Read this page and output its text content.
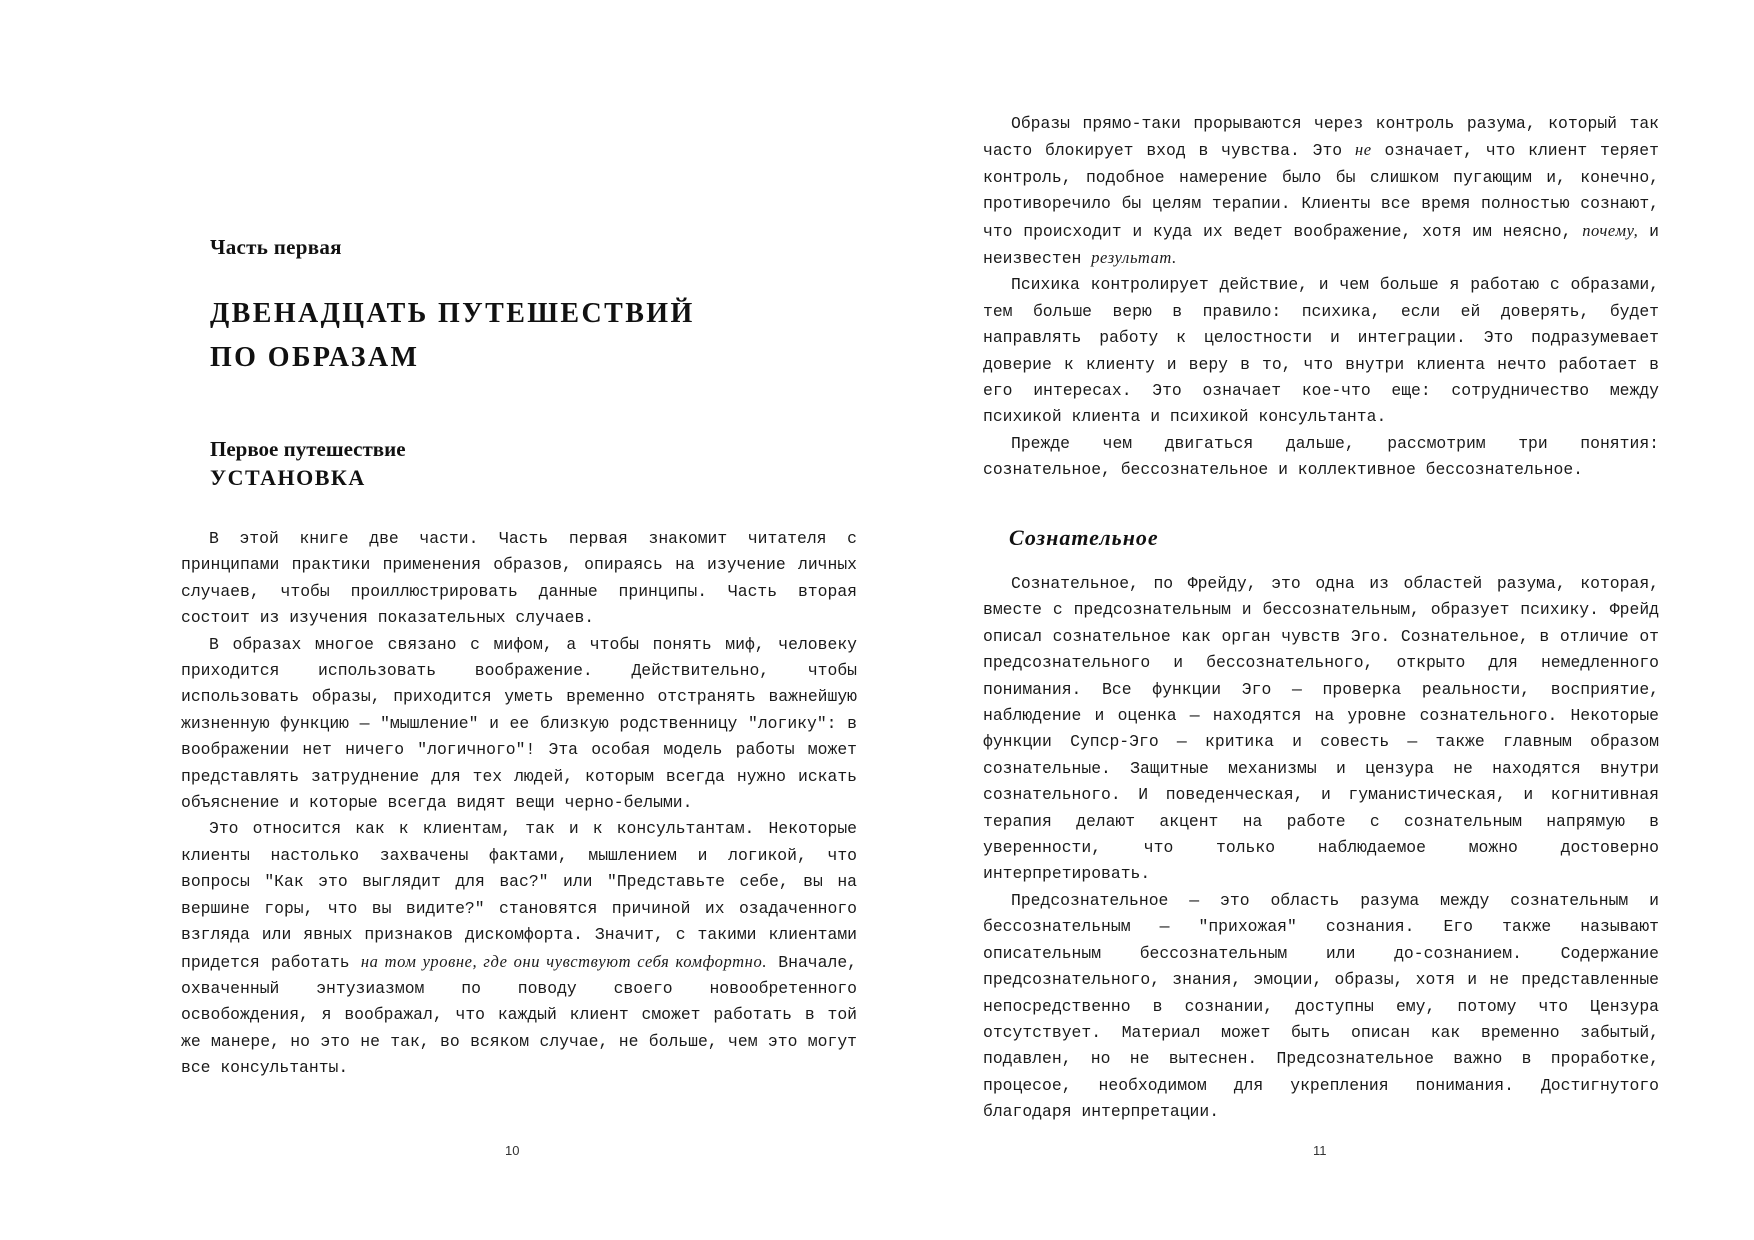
Часть первая
ДВЕНАДЦАТЬ ПУТЕШЕСТВИЙ
ПО ОБРАЗАМ
Первое путешествие
УСТАНОВКА

В этой книге две части. Часть первая знакомит читателя с принципами практики применения образов, опираясь на изучение личных случаев, чтобы проиллюстрировать данные принципы. Часть вторая состоит из изучения показательных случаев.

В образах многое связано с мифом, а чтобы понять миф, человеку приходится использовать воображение. Действительно, чтобы использовать образы, приходится уметь временно отстранять важнейшую жизненную функцию — "мышление" и ее близкую родственницу "логику": в воображении нет ничего "логичного"! Эта особая модель работы может представлять затруднение для тех людей, которым всегда нужно искать объяснение и которые всегда видят вещи черно-белыми.

Это относится как к клиентам, так и к консультантам. Некоторые клиенты настолько захвачены фактами, мышлением и логикой, что вопросы "Как это выглядит для вас?" или "Представьте себе, вы на вершине горы, что вы видите?" становятся причиной их озадаченного взгляда или явных признаков дискомфорта. Значит, с такими клиентами придется работать на том уровне, где они чувствуют себя комфортно. Вначале, охваченный энтузиазмом по поводу своего новообретенного освобождения, я воображал, что каждый клиент сможет работать в той же манере, но это не так, во всяком случае, не больше, чем это могут все консультанты.

10

Образы прямо-таки прорываются через контроль разума, который так часто блокирует вход в чувства. Это не означает, что клиент теряет контроль, подобное намерение было бы слишком пугающим и, конечно, противоречило бы целям терапии. Клиенты все время полностью сознают, что происходит и куда их ведет воображение, хотя им неясно, почему, и неизвестен результат.

Психика контролирует действие, и чем больше я работаю с образами, тем больше верю в правило: психика, если ей доверять, будет направлять работу к целостности и интеграции. Это подразумевает доверие к клиенту и веру в то, что внутри клиента нечто работает в его интересах. Это означает кое-что еще: сотрудничество между психикой клиента и психикой консультанта.

Прежде чем двигаться дальше, рассмотрим три понятия: сознательное, бессознательное и коллективное бессознательное.

Сознательное

Сознательное, по Фрейду, это одна из областей разума, которая, вместе с предсознательным и бессознательным, образует психику. Фрейд описал сознательное как орган чувств Эго. Сознательное, в отличие от предсознательного и бессознательного, открыто для немедленного понимания. Все функции Эго — проверка реальности, восприятие, наблюдение и оценка — находятся на уровне сознательного. Некоторые функции Супср-Эго — критика и совесть — также главным образом сознательные. Защитные механизмы и цензура не находятся внутри сознательного. И поведенческая, и гуманистическая, и когнитивная терапия делают акцент на работе с сознательным напрямую в уверенности, что только наблюдаемое можно достоверно интерпретировать.

Предсознательное — это область разума между сознательным и бессознательным — "прихожая" сознания. Его также называют описательным бессознательным или до-сознанием. Содержание предсознательного, знания, эмоции, образы, хотя и не представленные непосредственно в сознании, доступны ему, потому что Цензура отсутствует. Материал может быть описан как временно забытый, подавлен, но не вытеснен. Предсознательное важно в проработке, процесое, необходимом для укрепления понимания. Достигнутого благодаря интерпретации.

11
